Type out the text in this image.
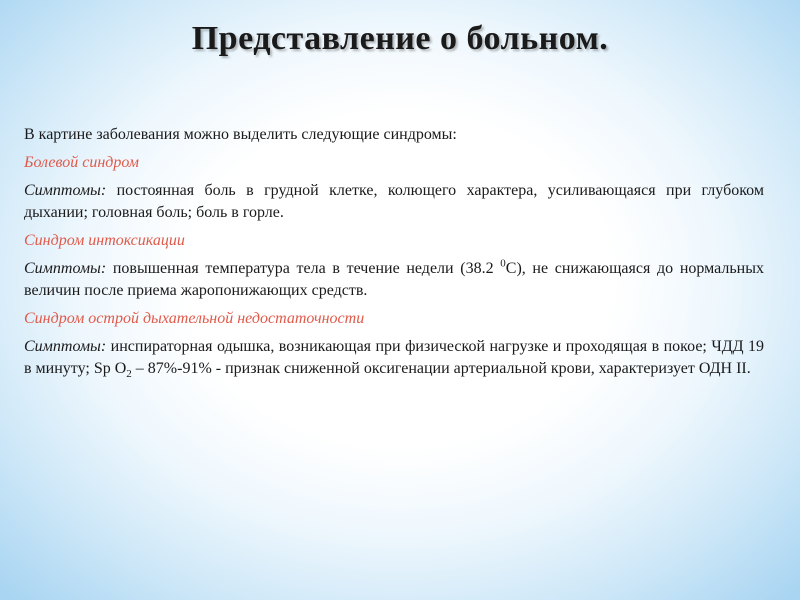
Представление о больном.

В картине заболевания можно выделить следующие синдромы:

Болевой синдром

Симптомы: постоянная боль в грудной клетке, колющего характера, усиливающаяся при глубоком дыхании; головная боль; боль в горле.

Синдром интоксикации

Симптомы: повышенная температура тела в течение недели (38.2 $^0$С), не снижающаяся до нормальных величин после приема жаропонижающих средств.

Синдром острой дыхательной недостаточности

Симптомы: инспираторная одышка, возникающая при физической нагрузке и проходящая в покое; ЧДД 19 в минуту; Sp $O_2 - 87\%-91\%$ - признак сниженной оксигенации артериальной крови, характеризует ОДН II.
